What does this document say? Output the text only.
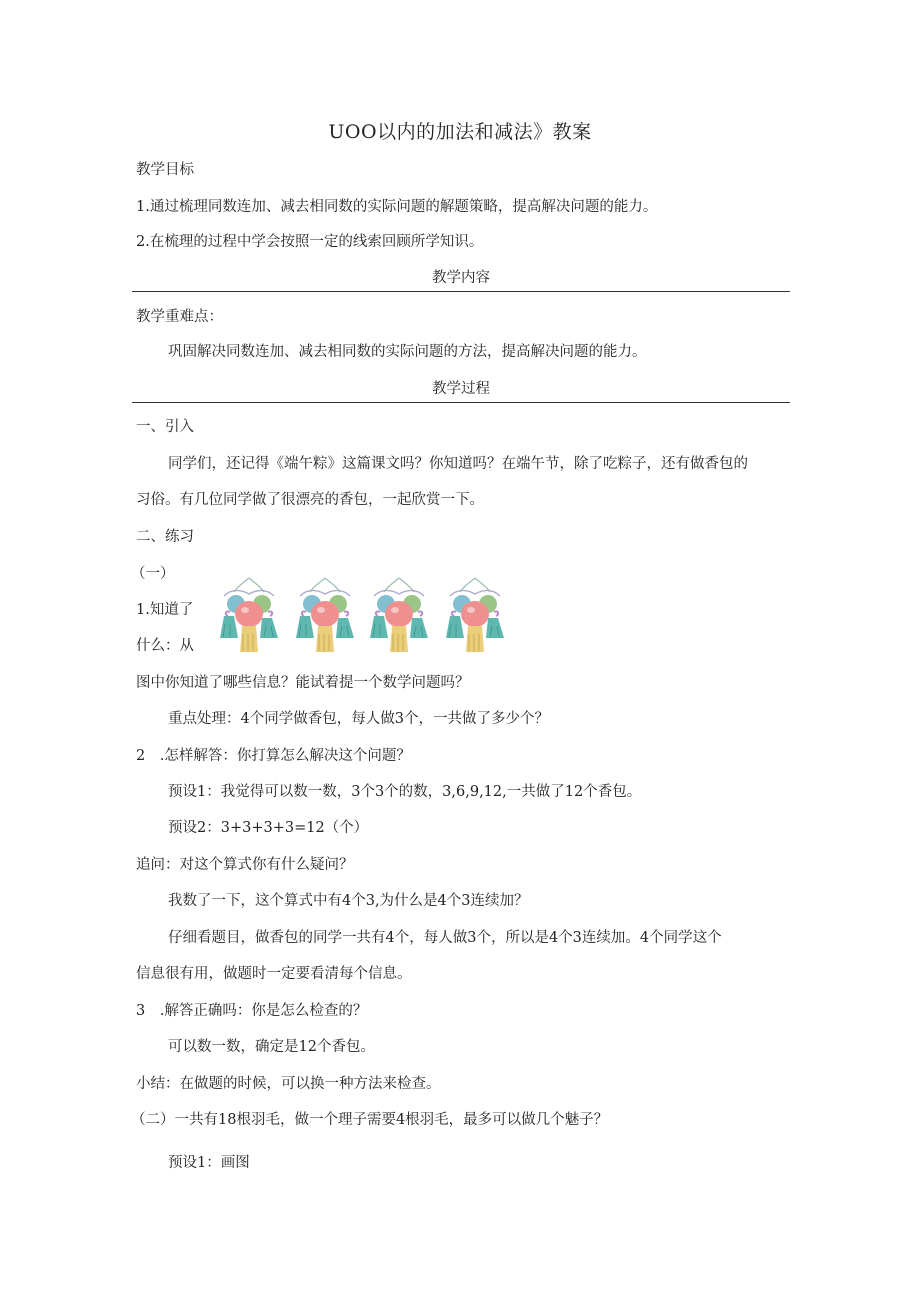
UOO以内的加法和减法》教案
教学目标
1.通过梳理同数连加、减去相同数的实际问题的解题策略，提高解决问题的能力。
2.在梳理的过程中学会按照一定的线索回顾所学知识。
教学内容
教学重难点：
巩固解决同数连加、减去相同数的实际问题的方法，提高解决问题的能力。
教学过程
一、引入
同学们，还记得《端午粽》这篇课文吗？你知道吗？在端午节，除了吃粽子，还有做香包的
习俗。有几位同学做了很漂亮的香包，一起欣赏一下。
二、练习
（一）
1.知道了
什么：从
图中你知道了哪些信息？能试着提一个数学问题吗？
重点处理：4个同学做香包，每人做3个，一共做了多少个？
2　.怎样解答：你打算怎么解决这个问题？
预设1：我觉得可以数一数，3个3个的数，3,6,9,12,一共做了12个香包。
预设2：3+3+3+3=12（个）
追问：对这个算式你有什么疑问？
我数了一下，这个算式中有4个3,为什么是4个3连续加？
仔细看题目，做香包的同学一共有4个，每人做3个，所以是4个3连续加。4个同学这个
信息很有用，做题时一定要看清每个信息。
3　.解答正确吗：你是怎么检查的？
可以数一数，确定是12个香包。
小结：在做题的时候，可以换一种方法来检查。
（二）一共有18根羽毛，做一个理子需要4根羽毛，最多可以做几个魅子？
预设1：画图
